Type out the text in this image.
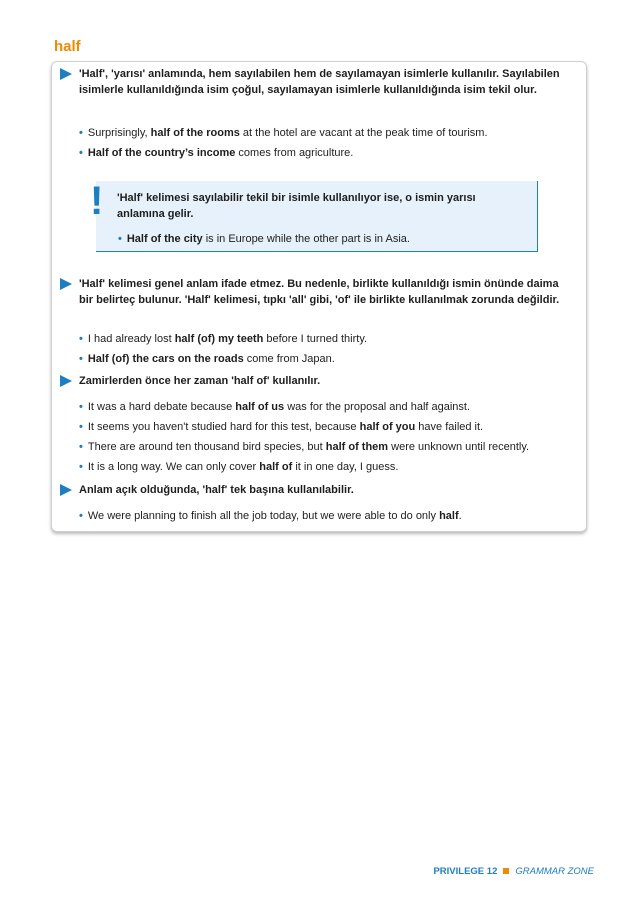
half
'Half', 'yarısı' anlamında, hem sayılabilen hem de sayılamayan isimlerle kullanılır. Sayılabilen isimlerle kullanıldığında isim çoğul, sayılamayan isimlerle kullanıldığında isim tekil olur.
• Surprisingly, half of the rooms at the hotel are vacant at the peak time of tourism.
• Half of the country’s income comes from agriculture.
! 'Half' kelimesi sayılabilir tekil bir isimle kullanılıyor ise, o ismin yarısı anlamına gelir.
• Half of the city is in Europe while the other part is in Asia.
'Half' kelimesi genel anlam ifade etmez. Bu nedenle, birlikte kullanıldığı ismin önünde daima bir belirteç bulunur. 'Half' kelimesi, tıpkı 'all' gibi, 'of' ile birlikte kullanılmak zorunda değildir.
• I had already lost half (of) my teeth before I turned thirty.
• Half (of) the cars on the roads come from Japan.
Zamirlerden önce her zaman 'half of' kullanılır.
• It was a hard debate because half of us was for the proposal and half against.
• It seems you haven't studied hard for this test, because half of you have failed it.
• There are around ten thousand bird species, but half of them were unknown until recently.
• It is a long way. We can only cover half of it in one day, I guess.
Anlam açık olduğunda, 'half' tek başına kullanılabilir.
• We were planning to finish all the job today, but we were able to do only half.
PRIVILEGE 12 GRAMMAR ZONE
